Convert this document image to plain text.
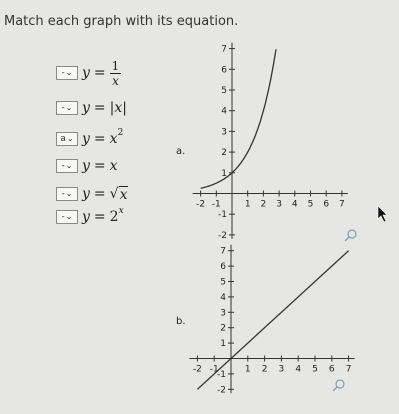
Match each graph with its equation.
- ⌄ $y = \frac{1}{x}$
- ⌄ y = |x|
a ⌄ y = x 2
- ⌄ y = x
- ⌄ y = √ x
- ⌄ y = 2 x
a.
b.
-2 -1	1 2 3 4 5 6 7
-2
-1
1
2
3
4
5
6
7
-2 -1	1 2 3 4 5 6 7
-2
-1
1
2
3
4
5
6
7
